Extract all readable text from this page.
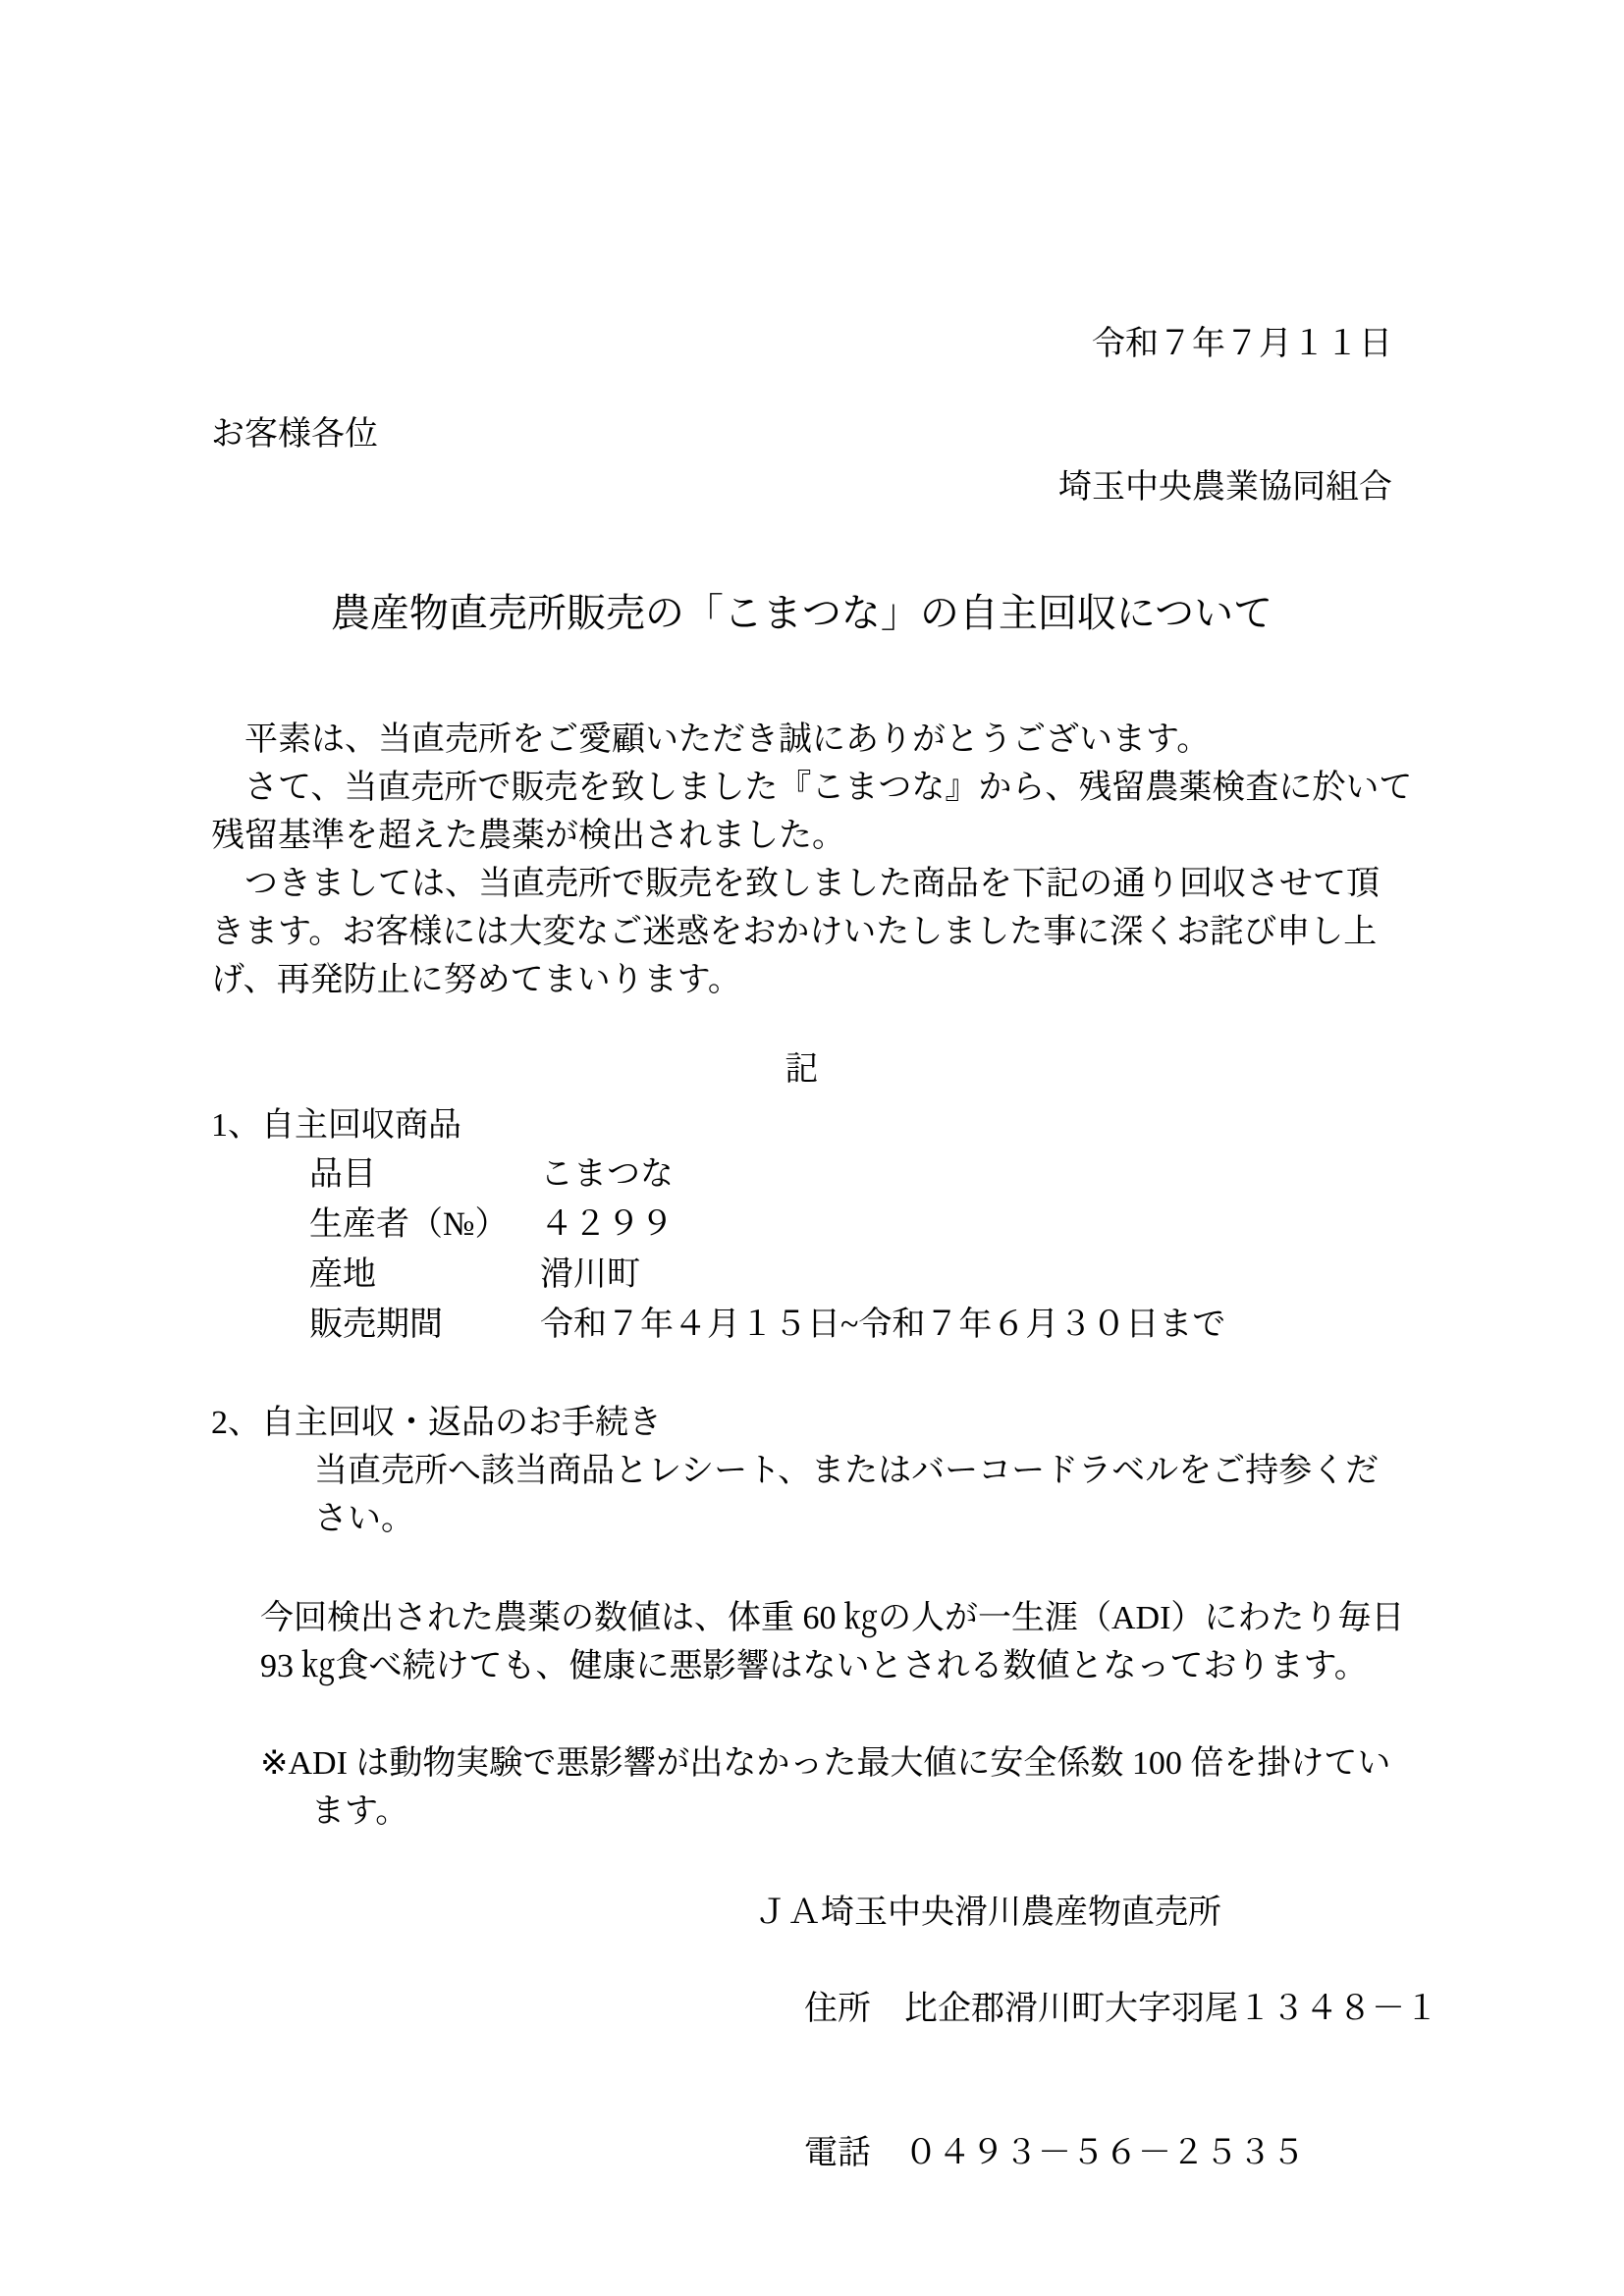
令和７年７月１１日
お客様各位
埼玉中央農業協同組合
農産物直売所販売の「こまつな」の自主回収について
　平素は、当直売所をご愛顧いただき誠にありがとうございます。
　さて、当直売所で販売を致しました『こまつな』から、残留農薬検査に於いて
残留基準を超えた農薬が検出されました。
　つきましては、当直売所で販売を致しました商品を下記の通り回収させて頂
きます。お客様には大変なご迷惑をおかけいたしました事に深くお詫び申し上
げ、再発防止に努めてまいります。
記
1、自主回収商品
品目	こまつな
生産者（№） ４２９９
産地	滑川町
販売期間	令和７年４月１５日~令和７年６月３０日まで
2、自主回収・返品のお手続き
当直売所へ該当商品とレシート、またはバーコードラベルをご持参くだ
さい。
今回検出された農薬の数値は、体重 60 ㎏の人が一生涯（ADI）にわたり毎日
93 ㎏食べ続けても、健康に悪影響はないとされる数値となっております。
※ADI は動物実験で悪影響が出なかった最大値に安全係数 100 倍を掛けてい
ます。
ＪＡ埼玉中央滑川農産物直売所

住所 比企郡滑川町大字羽尾１３４８－１

電話 ０４９３－５６－２５３５
